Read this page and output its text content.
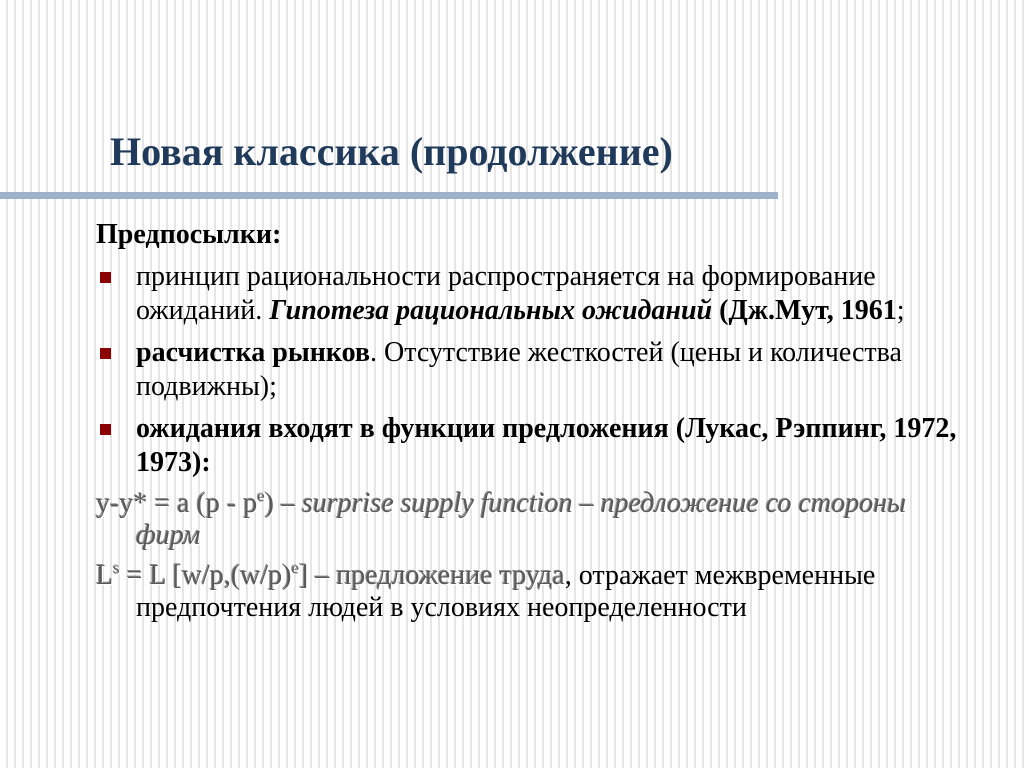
Новая классика (продолжение)
Предпосылки:
принцип рациональности распространяется на формирование ожиданий. Гипотеза рациональных ожиданий (Дж.Мут, 1961;
расчистка рынков. Отсутствие жесткостей (цены и количества подвижны);
ожидания входят в функции предложения (Лукас, Рэппинг, 1972, 1973):
y-y* = a $(p - p^e)$ – surprise supply function – предложение со стороны фирм
$L^s = L$ $[w/p,(w/p)^e]$ – предложение труда, отражает межвременные предпочтения людей в условиях неопределенности
